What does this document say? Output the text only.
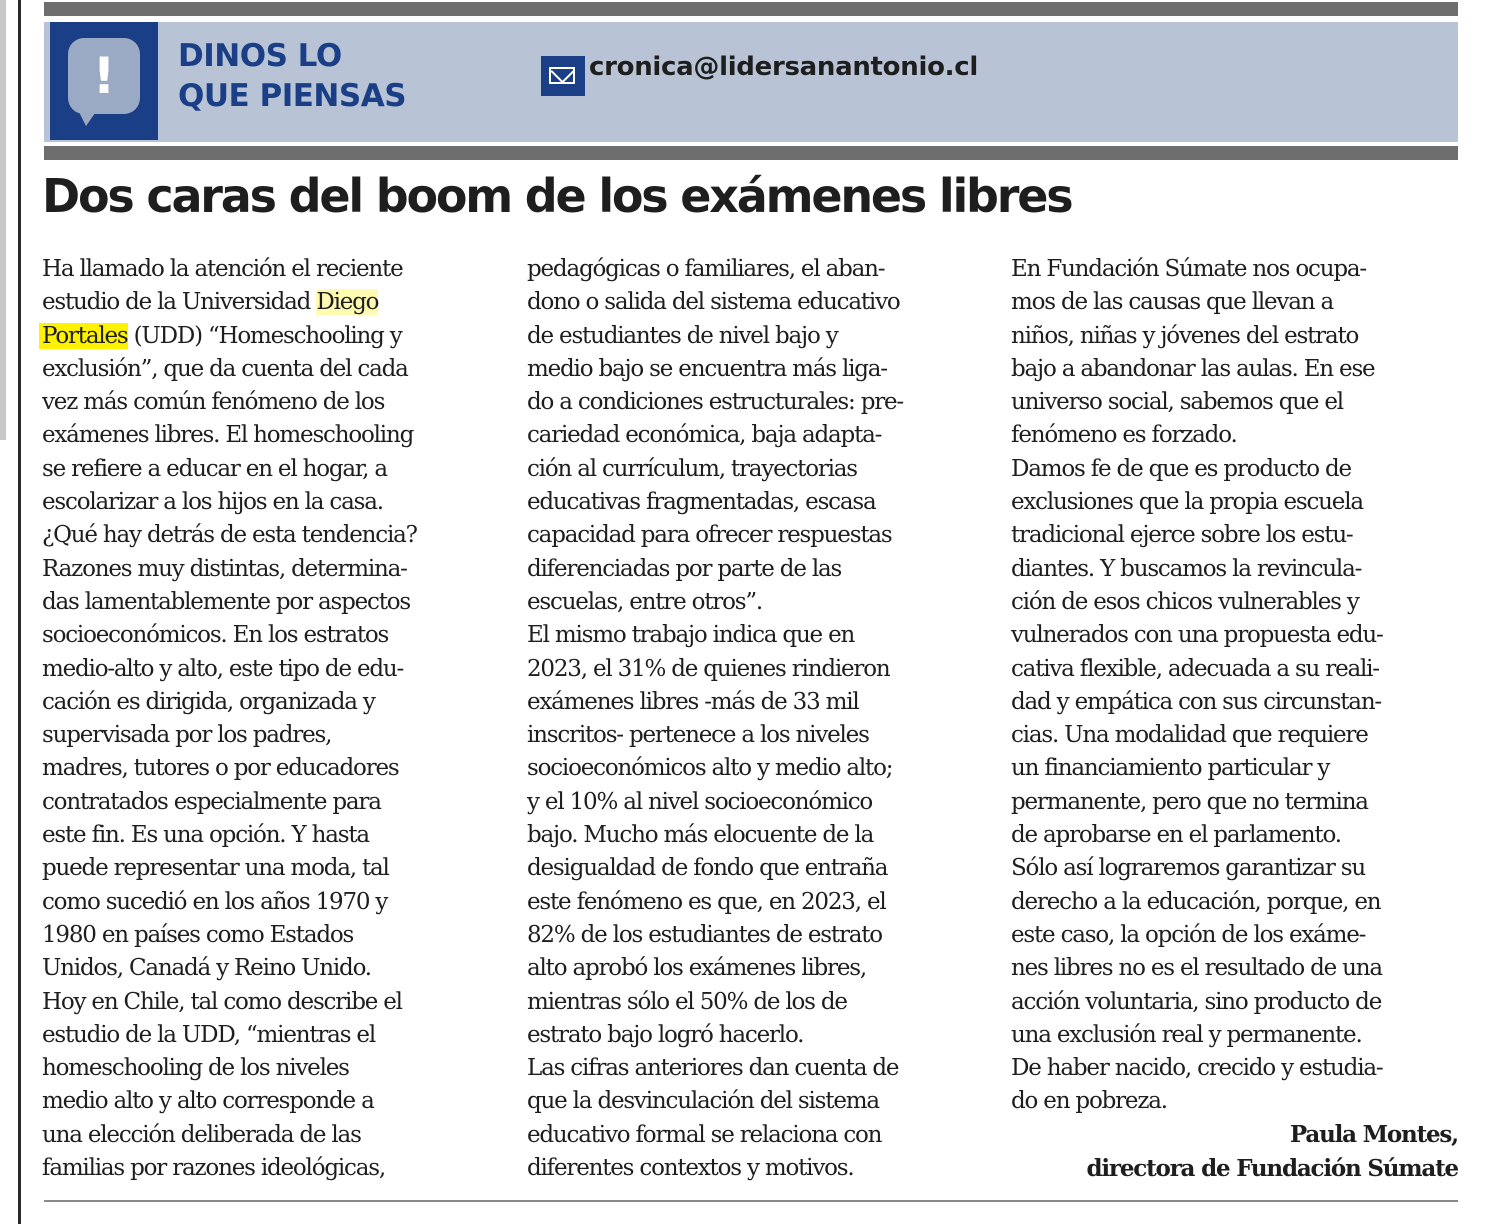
! DINOS LO
QUE PIENSAS
cronica@lidersanantonio.cl
Dos caras del boom de los exámenes libres
Ha llamado la atención el reciente
estudio de la Universidad Diego
Portales (UDD) “Homeschooling y
exclusión”, que da cuenta del cada
vez más común fenómeno de los
exámenes libres. El homeschooling
se refiere a educar en el hogar, a
escolarizar a los hijos en la casa.
¿Qué hay detrás de esta tendencia?
Razones muy distintas, determina-
das lamentablemente por aspectos
socioeconómicos. En los estratos
medio-alto y alto, este tipo de edu-
cación es dirigida, organizada y
supervisada por los padres,
madres, tutores o por educadores
contratados especialmente para
este fin. Es una opción. Y hasta
puede representar una moda, tal
como sucedió en los años 1970 y
1980 en países como Estados
Unidos, Canadá y Reino Unido.
Hoy en Chile, tal como describe el
estudio de la UDD, “mientras el
homeschooling de los niveles
medio alto y alto corresponde a
una elección deliberada de las
familias por razones ideológicas,
pedagógicas o familiares, el aban-
dono o salida del sistema educativo
de estudiantes de nivel bajo y
medio bajo se encuentra más liga-
do a condiciones estructurales: pre-
cariedad económica, baja adapta-
ción al currículum, trayectorias
educativas fragmentadas, escasa
capacidad para ofrecer respuestas
diferenciadas por parte de las
escuelas, entre otros”.
El mismo trabajo indica que en
2023, el 31% de quienes rindieron
exámenes libres -más de 33 mil
inscritos- pertenece a los niveles
socioeconómicos alto y medio alto;
y el 10% al nivel socioeconómico
bajo. Mucho más elocuente de la
desigualdad de fondo que entraña
este fenómeno es que, en 2023, el
82% de los estudiantes de estrato
alto aprobó los exámenes libres,
mientras sólo el 50% de los de
estrato bajo logró hacerlo.
Las cifras anteriores dan cuenta de
que la desvinculación del sistema
educativo formal se relaciona con
diferentes contextos y motivos.
En Fundación Súmate nos ocupa-
mos de las causas que llevan a
niños, niñas y jóvenes del estrato
bajo a abandonar las aulas. En ese
universo social, sabemos que el
fenómeno es forzado.
Damos fe de que es producto de
exclusiones que la propia escuela
tradicional ejerce sobre los estu-
diantes. Y buscamos la revincula-
ción de esos chicos vulnerables y
vulnerados con una propuesta edu-
cativa flexible, adecuada a su reali-
dad y empática con sus circunstan-
cias. Una modalidad que requiere
un financiamiento particular y
permanente, pero que no termina
de aprobarse en el parlamento.
Sólo así lograremos garantizar su
derecho a la educación, porque, en
este caso, la opción de los exáme-
nes libres no es el resultado de una
acción voluntaria, sino producto de
una exclusión real y permanente.
De haber nacido, crecido y estudia-
do en pobreza.
Paula Montes,
directora de Fundación Súmate
